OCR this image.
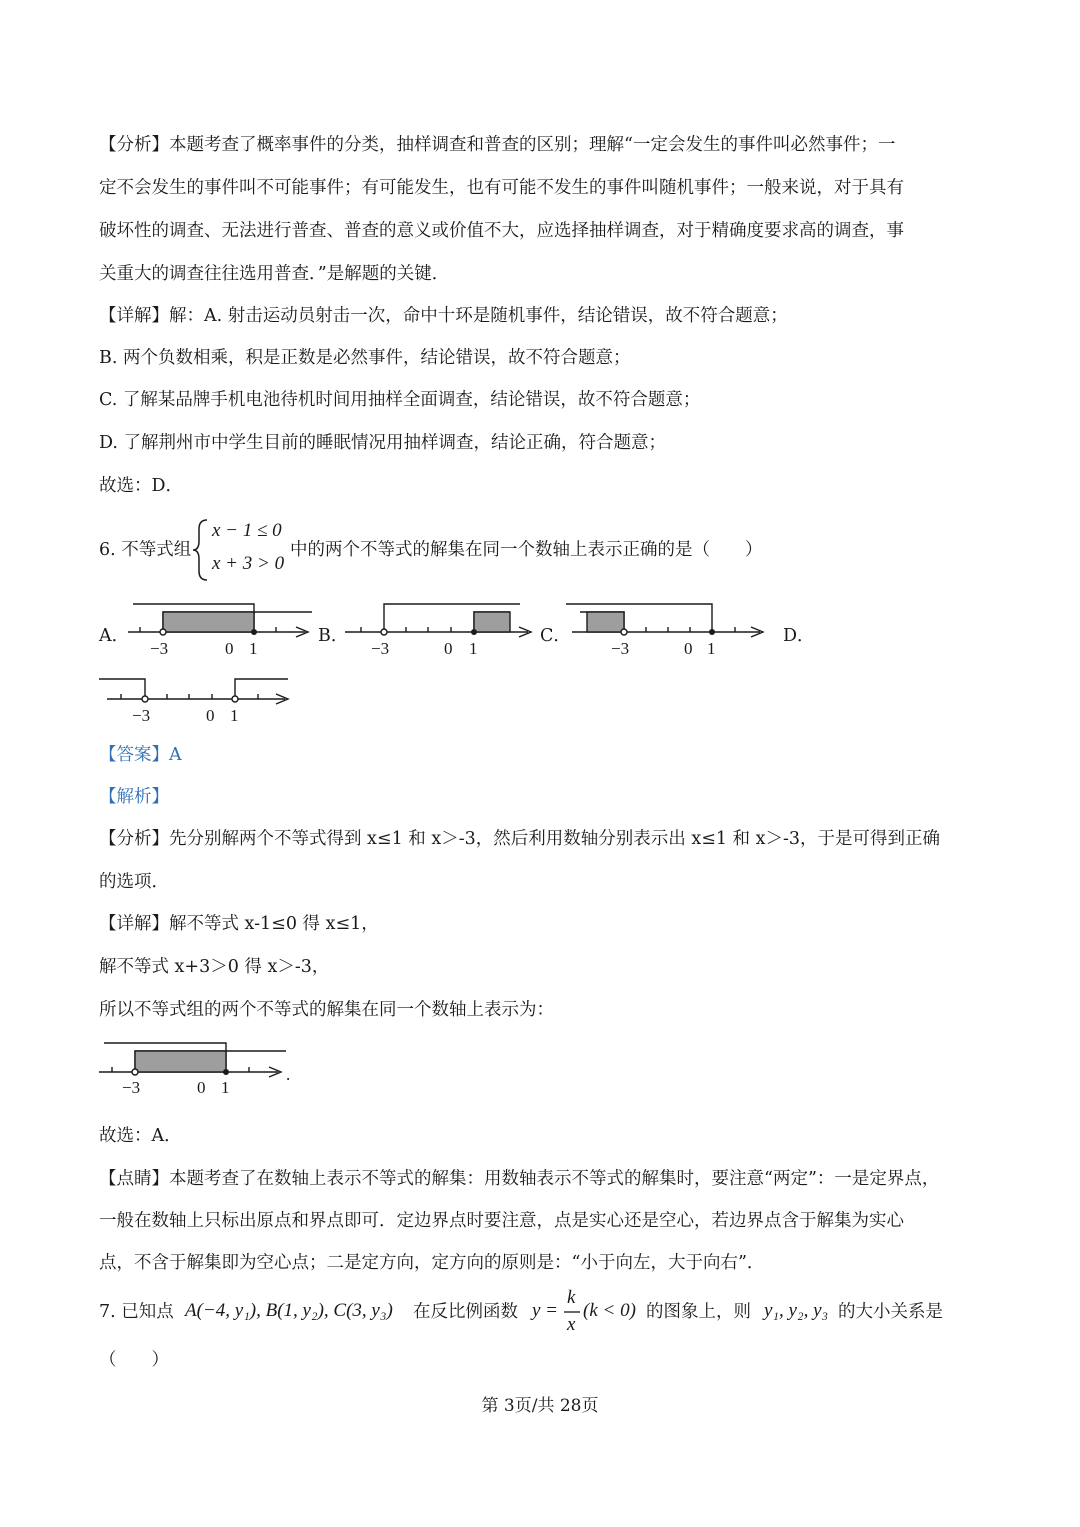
【分析】本题考查了概率事件的分类，抽样调查和普查的区别；理解“一定会发生的事件叫必然事件；一

定不会发生的事件叫不可能事件；有可能发生，也有可能不发生的事件叫随机事件；一般来说，对于具有

破坏性的调查、无法进行普查、普查的意义或价值不大，应选择抽样调查，对于精确度要求高的调查，事

关重大的调查往往选用普查．”是解题的关键．

【详解】解：A. 射击运动员射击一次，命中十环是随机事件，结论错误，故不符合题意；

B. 两个负数相乘，积是正数是必然事件，结论错误，故不符合题意；

C. 了解某品牌手机电池待机时间用抽样全面调查，结论错误，故不符合题意；

D. 了解荆州市中学生目前的睡眠情况用抽样调查，结论正确，符合题意；

故选：D．

6. 不等式组
x − 1 ≤ 0
x + 3 > 0
中的两个不等式的解集在同一个数轴上表示正确的是（　　）
A．	B．	C．	D．
−3	0 1	−3	0 1	−3	0 1
−3	0 1

【答案】A

【解析】

【分析】先分别解两个不等式得到 x≤1 和 x＞-3，然后利用数轴分别表示出 x≤1 和 x＞-3，于是可得到正确

的选项．

【详解】解不等式 x-1≤0 得 x≤1，

解不等式 x+3＞0 得 x＞-3，

所以不等式组的两个不等式的解集在同一个数轴上表示为：

−3	0 1
.

故选：A．

【点睛】本题考查了在数轴上表示不等式的解集：用数轴表示不等式的解集时，要注意“两定”：一是定界点，

一般在数轴上只标出原点和界点即可．定边界点时要注意，点是实心还是空心，若边界点含于解集为实心

点，不含于解集即为空心点；二是定方向，定方向的原则是：“小于向左，大于向右”．

7. 已知点 A(−4, y₁), B(1, y₂), C(3, y₃) 在反比例函数 y =
k
x
(k < 0) 的图象上，则 y₁, y₂, y₃ 的大小关系是

（　　）

第 3页/共 28页
